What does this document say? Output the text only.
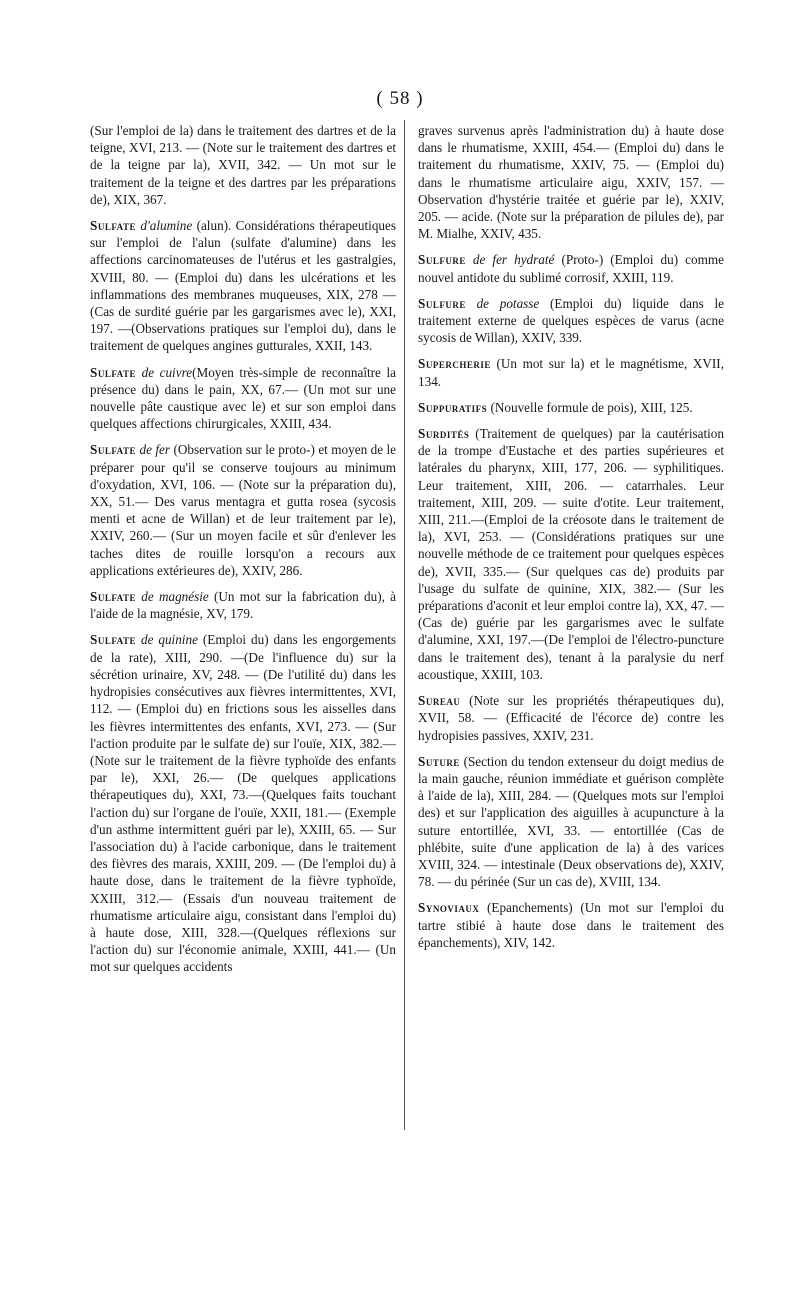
( 58 )

(Sur l'emploi de la) dans le traitement des dartres et de la teigne, XVI, 213. — (Note sur le traitement des dartres et de la teigne par la), XVII, 342. — Un mot sur le traitement de la teigne et des dartres par les préparations de), XIX, 367.

Sulfate d'alumine (alun). Considérations thérapeutiques sur l'emploi de l'alun (sulfate d'alumine) dans les affections carcinomateuses de l'utérus et les gastralgies, XVIII, 80. — (Emploi du) dans les ulcérations et les inflammations des membranes muqueuses, XIX, 278 —(Cas de surdité guérie par les gargarismes avec le), XXI, 197. —(Observations pratiques sur l'emploi du), dans le traitement de quelques angines gutturales, XXII, 143.

Sulfate de cuivre(Moyen très-simple de reconnaître la présence du) dans le pain, XX, 67.— (Un mot sur une nouvelle pâte caustique avec le) et sur son emploi dans quelques affections chirurgicales, XXIII, 434.

Sulfate de fer (Observation sur le proto-) et moyen de le préparer pour qu'il se conserve toujours au minimum d'oxydation, XVI, 106. — (Note sur la préparation du), XX, 51.— Des varus mentagra et gutta rosea (sycosis menti et acne de Willan) et de leur traitement par le), XXIV, 260.— (Sur un moyen facile et sûr d'enlever les taches dites de rouille lorsqu'on a recours aux applications extérieures de), XXIV, 286.

Sulfate de magnésie (Un mot sur la fabrication du), à l'aide de la magnésie, XV, 179.

Sulfate de quinine (Emploi du) dans les engorgements de la rate), XIII, 290. —(De l'influence du) sur la sécrétion urinaire, XV, 248. — (De l'utilité du) dans les hydropisies consécutives aux fièvres intermittentes, XVI, 112. — (Emploi du) en frictions sous les aisselles dans les fièvres intermittentes des enfants, XVI, 273. — (Sur l'action produite par le sulfate de) sur l'ouïe, XIX, 382.—(Note sur le traitement de la fièvre typhoïde des enfants par le), XXI, 26.— (De quelques applications thérapeutiques du), XXI, 73.—(Quelques faits touchant l'action du) sur l'organe de l'ouïe, XXII, 181.— (Exemple d'un asthme intermittent guéri par le), XXIII, 65. — Sur l'association du) à l'acide carbonique, dans le traitement des fièvres des marais, XXIII, 209. — (De l'emploi du) à haute dose, dans le traitement de la fièvre typhoïde, XXIII, 312.— (Essais d'un nouveau traitement de rhumatisme articulaire aigu, consistant dans l'emploi du) à haute dose, XIII, 328.—(Quelques réflexions sur l'action du) sur l'économie animale, XXIII, 441.— (Un mot sur quelques accidents

graves survenus après l'administration du) à haute dose dans le rhumatisme, XXIII, 454.— (Emploi du) dans le traitement du rhumatisme, XXIV, 75. — (Emploi du) dans le rhumatisme articulaire aigu, XXIV, 157. — Observation d'hystérie traitée et guérie par le), XXIV, 205. — acide. (Note sur la préparation de pilules de), par M. Mialhe, XXIV, 435.

Sulfure de fer hydraté (Proto-) (Emploi du) comme nouvel antidote du sublimé corrosif, XXIII, 119.

Sulfure de potasse (Emploi du) liquide dans le traitement externe de quelques espèces de varus (acne sycosis de Willan), XXIV, 339.

Supercherie (Un mot sur la) et le magnétisme, XVII, 134.

Suppuratifs (Nouvelle formule de pois), XIII, 125.

Surdités (Traitement de quelques) par la cautérisation de la trompe d'Eustache et des parties supérieures et latérales du pharynx, XIII, 177, 206. — syphilitiques. Leur traitement, XIII, 206. — catarrhales. Leur traitement, XIII, 209. — suite d'otite. Leur traitement, XIII, 211.—(Emploi de la créosote dans le traitement de la), XVI, 253. — (Considérations pratiques sur une nouvelle méthode de ce traitement pour quelques espèces de), XVII, 335.— (Sur quelques cas de) produits par l'usage du sulfate de quinine, XIX, 382.— (Sur les préparations d'aconit et leur emploi contre la), XX, 47. — (Cas de) guérie par les gargarismes avec le sulfate d'alumine, XXI, 197.—(De l'emploi de l'électro-puncture dans le traitement des), tenant à la paralysie du nerf acoustique, XXIII, 103.

Sureau (Note sur les propriétés thérapeutiques du), XVII, 58. — (Efficacité de l'écorce de) contre les hydropisies passives, XXIV, 231.

Suture (Section du tendon extenseur du doigt medius de la main gauche, réunion immédiate et guérison complète à l'aide de la), XIII, 284. — (Quelques mots sur l'emploi des) et sur l'application des aiguilles à acupuncture à la suture entortillée, XVI, 33. — entortillée (Cas de phlébite, suite d'une application de la) à des varices XVIII, 324. — intestinale (Deux observations de), XXIV, 78. — du périnée (Sur un cas de), XVIII, 134.

Synoviaux (Epanchements) (Un mot sur l'emploi du tartre stibié à haute dose dans le traitement des épanchements), XIV, 142.
